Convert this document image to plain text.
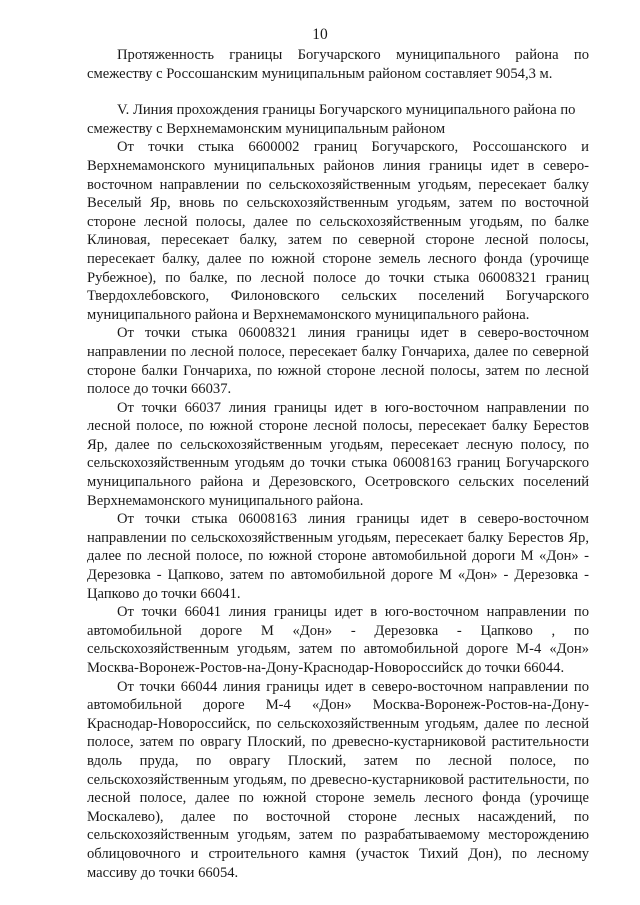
10

Протяженность границы Богучарского муниципального района по смежеству с Россошанским муниципальным районом составляет 9054,3 м.

V. Линия прохождения границы Богучарского муниципального района по смежеству с Верхнемамонским муниципальным районом

От точки стыка 6600002 границ Богучарского, Россошанского и Верхнемамонского муниципальных районов линия границы идет в северо-восточном направлении по сельскохозяйственным угодьям, пересекает балку Веселый Яр, вновь по сельскохозяйственным угодьям, затем по восточной стороне лесной полосы, далее по сельскохозяйственным угодьям, по балке Клиновая, пересекает балку, затем по северной стороне лесной полосы, пересекает балку, далее по южной стороне земель лесного фонда (урочище Рубежное), по балке, по лесной полосе до точки стыка 06008321 границ Твердохлебовского, Филоновского сельских поселений Богучарского муниципального района и Верхнемамонского муниципального района.

От точки стыка 06008321 линия границы идет в северо-восточном направлении по лесной полосе, пересекает балку Гончариха, далее по северной стороне балки Гончариха, по южной стороне лесной полосы, затем по лесной полосе до точки 66037.

От точки 66037 линия границы идет в юго-восточном направлении по лесной полосе, по южной стороне лесной полосы, пересекает балку Берестов Яр, далее по сельскохозяйственным угодьям, пересекает лесную полосу, по сельскохозяйственным угодьям до точки стыка 06008163 границ Богучарского муниципального района и Дерезовского, Осетровского сельских поселений Верхнемамонского муниципального района.

От точки стыка 06008163 линия границы идет в северо-восточном направлении по сельскохозяйственным угодьям, пересекает балку Берестов Яр, далее по лесной полосе, по южной стороне автомобильной дороги М «Дон» - Дерезовка - Цапково, затем по автомобильной дороге М «Дон» - Дерезовка - Цапково до точки 66041.

От точки 66041 линия границы идет в юго-восточном направлении по автомобильной дороге М «Дон» - Дерезовка - Цапково , по сельскохозяйственным угодьям, затем по автомобильной дороге М-4 «Дон» Москва-Воронеж-Ростов-на-Дону-Краснодар-Новороссийск до точки 66044.

От точки 66044 линия границы идет в северо-восточном направлении по автомобильной дороге М-4 «Дон» Москва-Воронеж-Ростов-на-Дону-Краснодар-Новороссийск, по сельскохозяйственным угодьям, далее по лесной полосе, затем по оврагу Плоский, по древесно-кустарниковой растительности вдоль пруда, по оврагу Плоский, затем по лесной полосе, по сельскохозяйственным угодьям, по древесно-кустарниковой растительности, по лесной полосе, далее по южной стороне земель лесного фонда (урочище Москалево), далее по восточной стороне лесных насаждений, по сельскохозяйственным угодьям, затем по разрабатываемому месторождению облицовочного и строительного камня (участок Тихий Дон), по лесному массиву до точки 66054.
